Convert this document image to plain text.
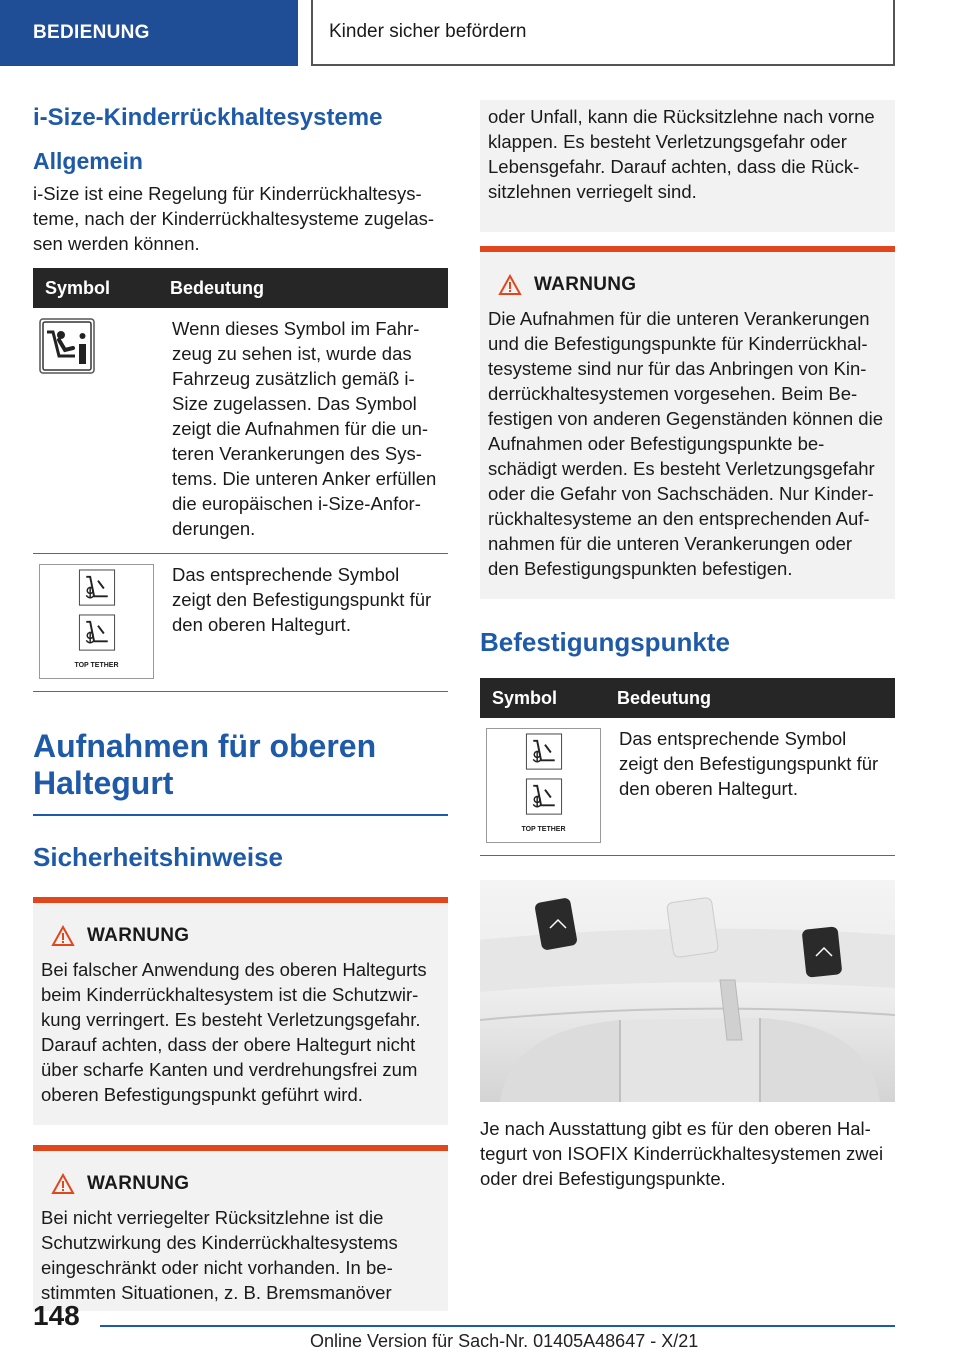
BEDIENUNG	Kinder sicher befördern
i-Size-Kinderrückhaltesysteme
Allgemein

i-Size ist eine Regelung für Kinderrückhaltesysteme, nach der Kinderrückhaltesysteme zugelassen werden können.

Symbol	Bedeutung

	Wenn dieses Symbol im Fahrzeug zu sehen ist, wurde das Fahrzeug zusätzlich gemäß i-Size zugelassen. Das Symbol zeigt die Aufnahmen für die unteren Verankerungen des Systems. Die unteren Anker erfüllen die europäischen i-Size-Anforderungen.

TOP TETHER	Das entsprechende Symbol zeigt den Befestigungspunkt für den oberen Haltegurt.
Aufnahmen für oberen Haltegurt
Sicherheitshinweise
WARNUNG

Bei falscher Anwendung des oberen Haltegurts beim Kinderrückhaltesystem ist die Schutzwirkung verringert. Es besteht Verletzungsgefahr. Darauf achten, dass der obere Haltegurt nicht über scharfe Kanten und verdrehungsfrei zum oberen Befestigungspunkt geführt wird.

WARNUNG

Bei nicht verriegelter Rücksitzlehne ist die Schutzwirkung des Kinderrückhaltesystems eingeschränkt oder nicht vorhanden. In bestimmten Situationen, z. B. Bremsmanöver

oder Unfall, kann die Rücksitzlehne nach vorne klappen. Es besteht Verletzungsgefahr oder Lebensgefahr. Darauf achten, dass die Rücksitzlehnen verriegelt sind.

WARNUNG

Die Aufnahmen für die unteren Verankerungen und die Befestigungspunkte für Kinderrückhaltesysteme sind nur für das Anbringen von Kinderrückhaltesystemen vorgesehen. Beim Befestigen von anderen Gegenständen können die Aufnahmen oder Befestigungspunkte beschädigt werden. Es besteht Verletzungsgefahr oder die Gefahr von Sachschäden. Nur Kinderrückhaltesysteme an den entsprechenden Aufnahmen für die unteren Verankerungen oder den Befestigungspunkten befestigen.

Befestigungspunkte
Symbol	Bedeutung

TOP TETHER	Das entsprechende Symbol zeigt den Befestigungspunkt für den oberen Haltegurt.

Je nach Ausstattung gibt es für den oberen Haltegurt von ISOFIX Kinderrückhaltesystemen zwei oder drei Befestigungspunkte.

148
Online Version für Sach-Nr. 01405A48647 - X/21
